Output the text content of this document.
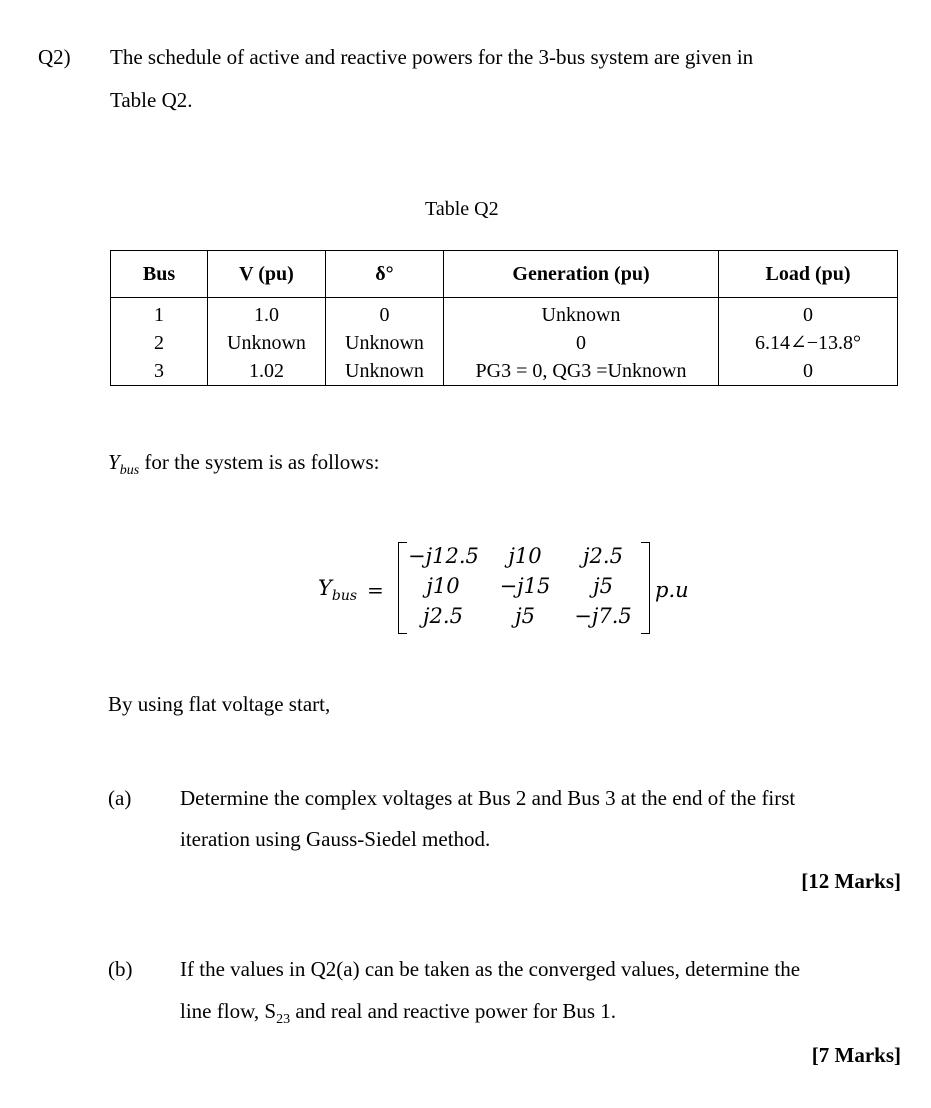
Q2) The schedule of active and reactive powers for the 3-bus system are given in
Table Q2.
Table Q2
Bus	V (pu)	δ°	Generation (pu)	Load (pu)
1	1.0	0	Unknown	0
2	Unknown	Unknown	0	6.14∠−13.8°
3	1.02	Unknown	PG3 = 0, QG3 =Unknown	0
$Y_{bus}$ for the system is as follows:
$Y_{bus}$ =
−j12.5	j10	j2.5
j10	−j15	j5
j2.5	j5	−j7.5
p.u
By using flat voltage start,
(a) Determine the complex voltages at Bus 2 and Bus 3 at the end of the first
iteration using Gauss-Siedel method.
[12 Marks]
(b) If the values in Q2(a) can be taken as the converged values, determine the
line flow, $S_{23}$ and real and reactive power for Bus 1.
[7 Marks]
